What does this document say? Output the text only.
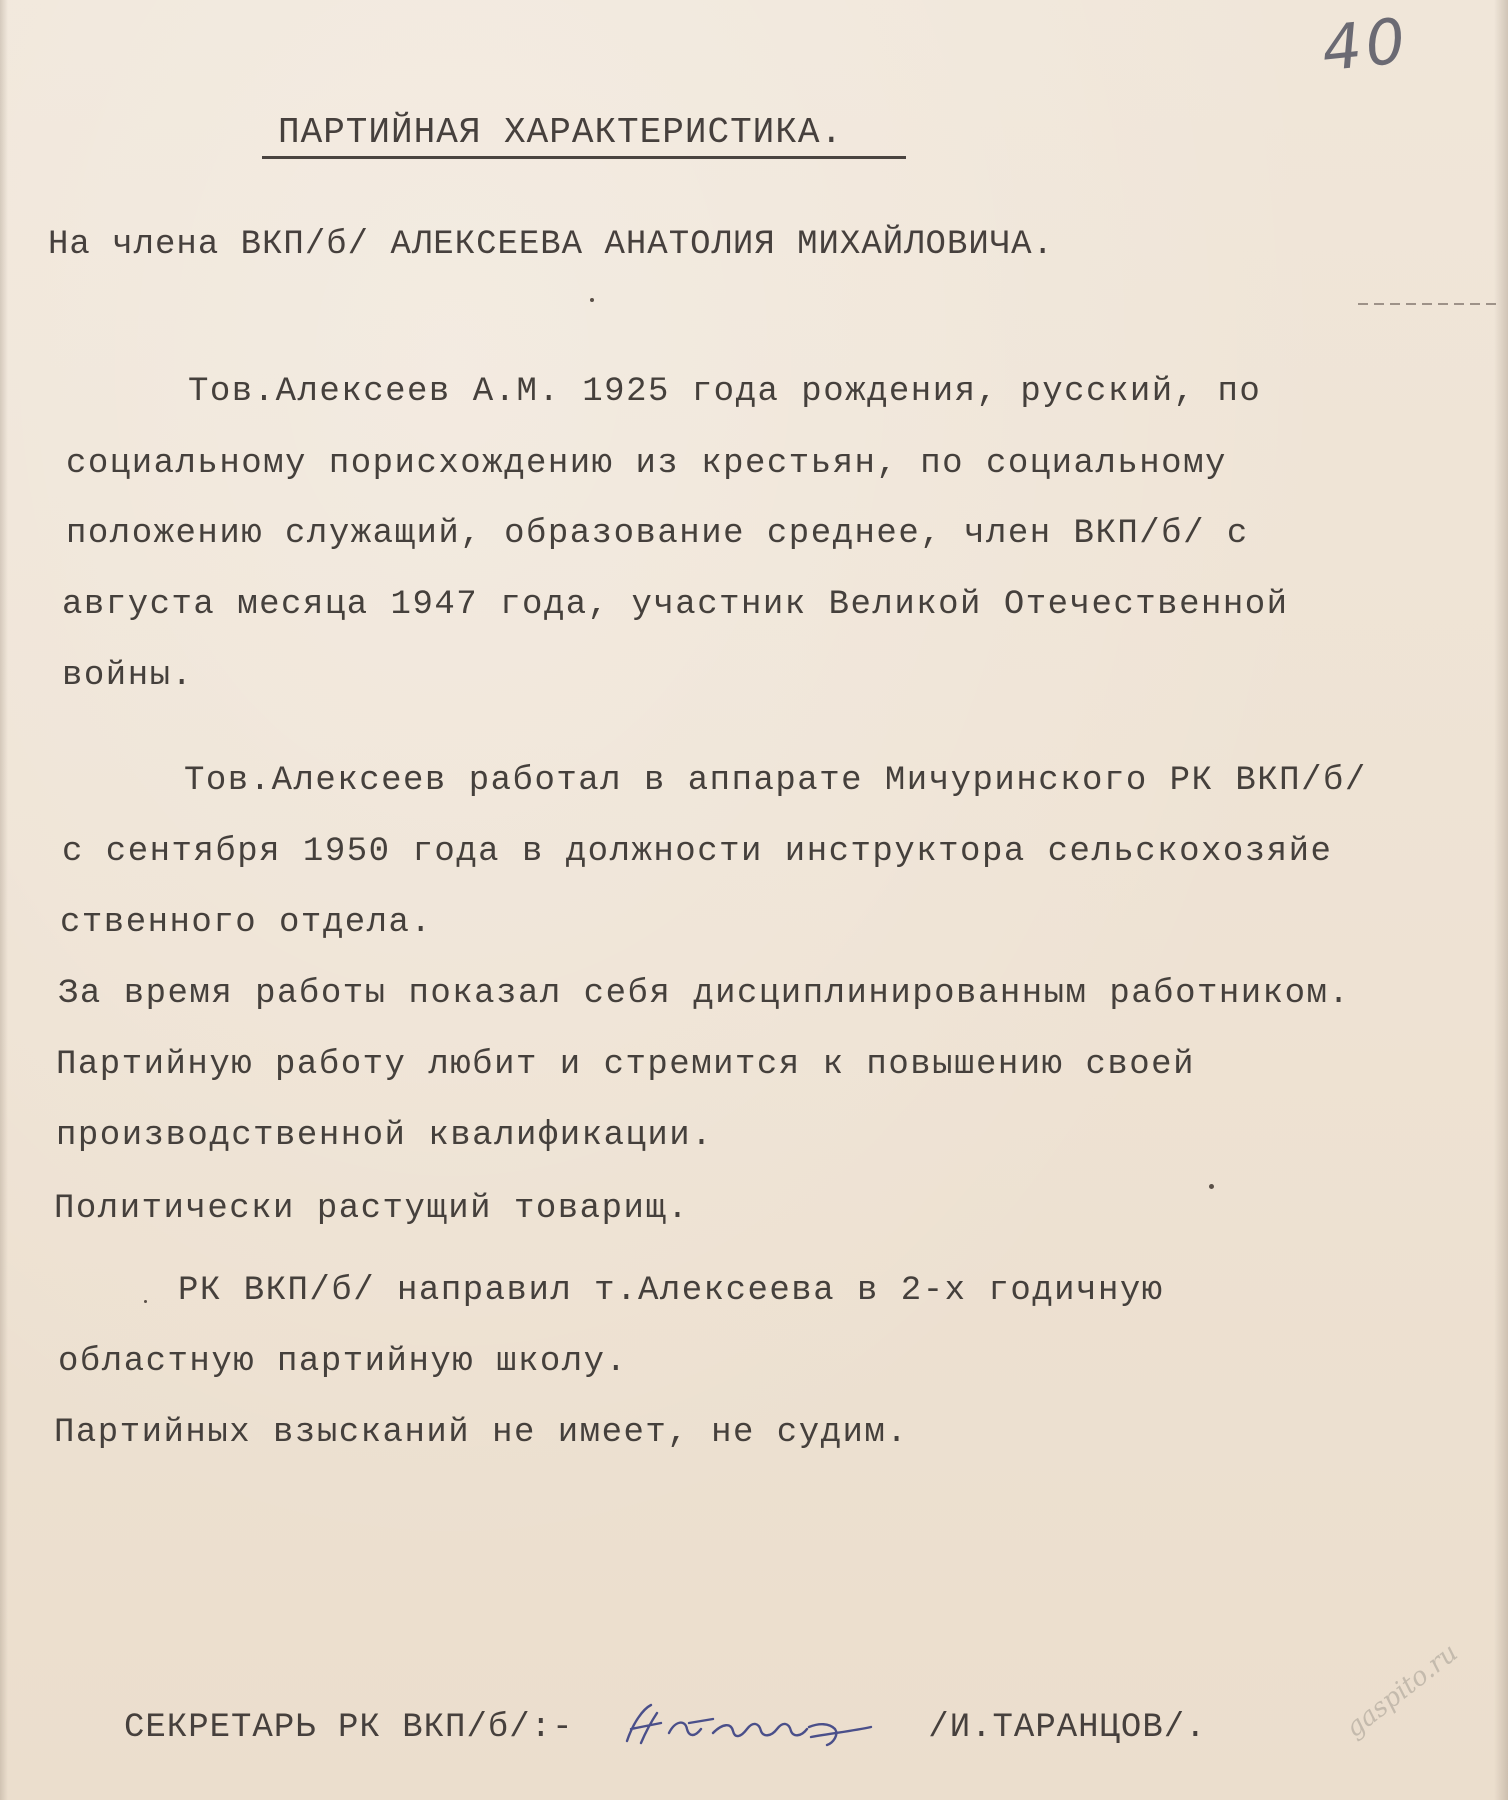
40
ПАРТИЙНАЯ ХАРАКТЕРИСТИКА.
На члена ВКП/б/ АЛЕКСЕЕВА АНАТОЛИЯ МИХАЙЛОВИЧА.
Тов.Алексеев А.М. 1925 года рождения, русский, по
социальному порисхождению из крестьян, по социальному
положению служащий, образование среднее, член ВКП/б/ с
августа месяца 1947 года, участник Великой Отечественной
войны.
Тов.Алексеев работал в аппарате Мичуринского РК ВКП/б/
с сентября 1950 года в должности инструктора сельскохозяйе
ственного отдела.
За время работы показал себя дисциплинированным работником.
Партийную работу любит и стремится к повышению своей
производственной квалификации.
Политически растущий товарищ.
РК ВКП/б/ направил т.Алексеева в 2-х годичную
областную партийную школу.
Партийных взысканий не имеет, не судим.
СЕКРЕТАРЬ РК ВКП/б/:-	/И.ТАРАНЦОВ/.	gaspito.ru
